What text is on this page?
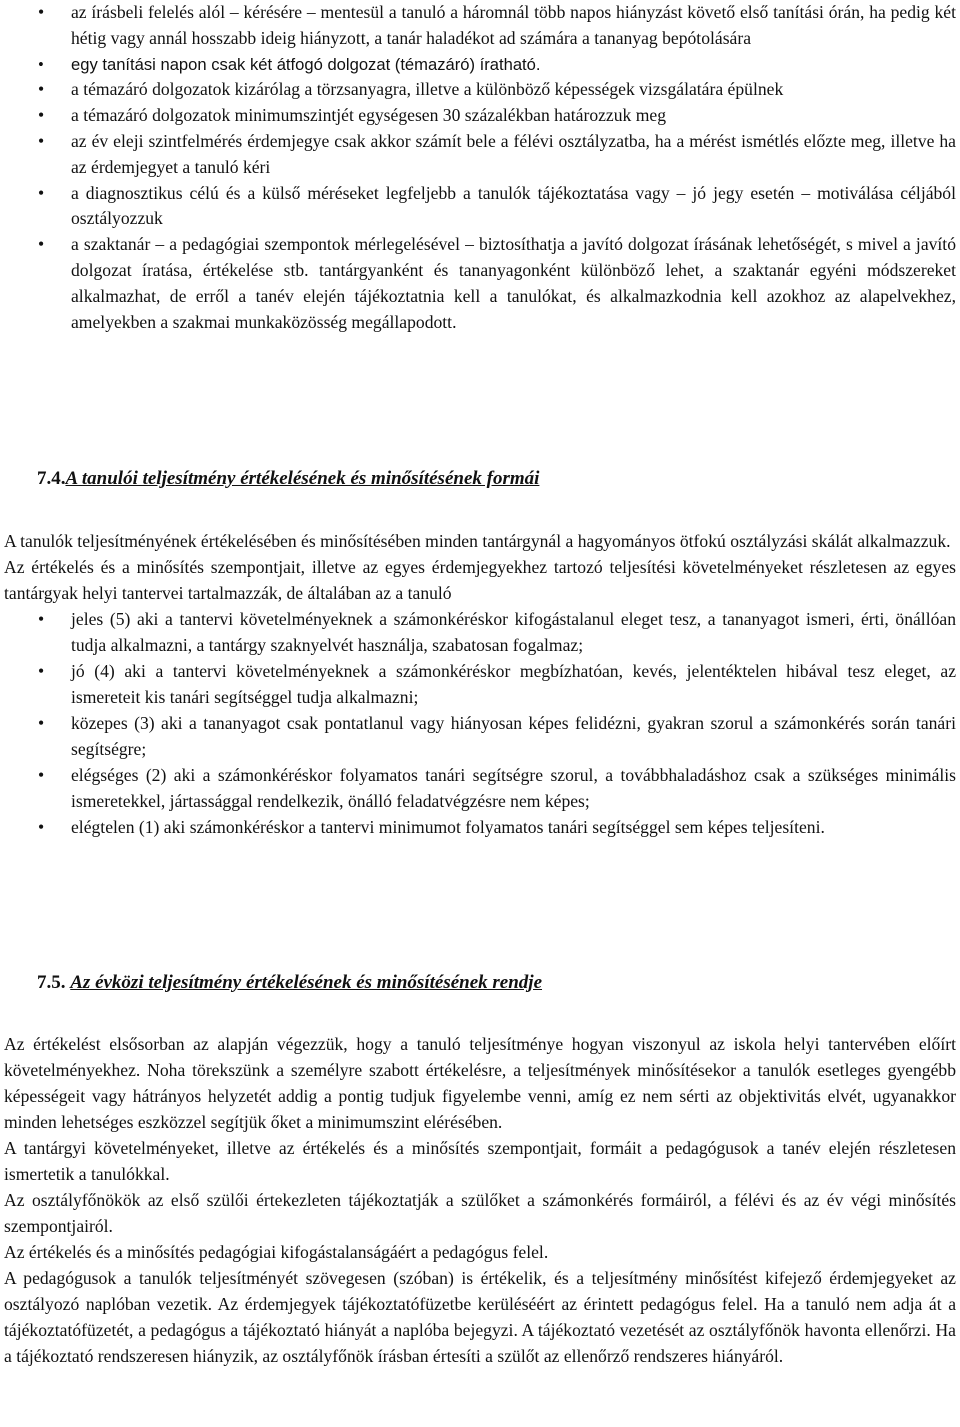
• az írásbeli felelés alól – kérésére – mentesül a tanuló a háromnál több napos hiányzást követő első tanítási órán, ha pedig két hétig vagy annál hosszabb ideig hiányzott, a tanár haladékot ad számára a tananyag bepótolására
• egy tanítási napon csak két átfogó dolgozat (témazáró) íratható.
• a témazáró dolgozatok kizárólag a törzsanyagra, illetve a különböző képességek vizsgálatára épülnek
• a témazáró dolgozatok minimumszintjét egységesen 30 százalékban határozzuk meg
• az év eleji szintfelmérés érdemjegye csak akkor számít bele a félévi osztályzatba, ha a mérést ismétlés előzte meg, illetve ha az érdemjegyet a tanuló kéri
• a diagnosztikus célú és a külső méréseket legfeljebb a tanulók tájékoztatása vagy – jó jegy esetén – motiválása céljából osztályozzuk
• a szaktanár – a pedagógiai szempontok mérlegelésével – biztosíthatja a javító dolgozat írásának lehetőségét, s mivel a javító dolgozat íratása, értékelése stb. tantárgyanként és tananyagonként különböző lehet, a szaktanár egyéni módszereket alkalmazhat, de erről a tanév elején tájékoztatnia kell a tanulókat, és alkalmazkodnia kell azokhoz az alapelvekhez, amelyekben a szakmai munkaközösség megállapodott.
7.4.A tanulói teljesítmény értékelésének és minősítésének formái

A tanulók teljesítményének értékelésében és minősítésében minden tantárgynál a hagyományos ötfokú osztályzási skálát alkalmazzuk.

Az értékelés és a minősítés szempontjait, illetve az egyes érdemjegyekhez tartozó teljesítési követelményeket részletesen az egyes tantárgyak helyi tantervei tartalmazzák, de általában az a tanuló

• jeles (5) aki a tantervi követelményeknek a számonkéréskor kifogástalanul eleget tesz, a tananyagot ismeri, érti, önállóan tudja alkalmazni, a tantárgy szaknyelvét használja, szabatosan fogalmaz;
• jó (4) aki a tantervi követelményeknek a számonkéréskor megbízhatóan, kevés, jelentéktelen hibával tesz eleget, az ismereteit kis tanári segítséggel tudja alkalmazni;
• közepes (3) aki a tananyagot csak pontatlanul vagy hiányosan képes felidézni, gyakran szorul a számonkérés során tanári segítségre;
• elégséges (2) aki a számonkéréskor folyamatos tanári segítségre szorul, a továbbhaladáshoz csak a szükséges minimális ismeretekkel, jártassággal rendelkezik, önálló feladatvégzésre nem képes;
• elégtelen (1) aki számonkéréskor a tantervi minimumot folyamatos tanári segítséggel sem képes teljesíteni.
7.5. Az évközi teljesítmény értékelésének és minősítésének rendje

Az értékelést elsősorban az alapján végezzük, hogy a tanuló teljesítménye hogyan viszonyul az iskola helyi tantervében előírt követelményekhez. Noha törekszünk a személyre szabott értékelésre, a teljesítmények minősítésekor a tanulók esetleges gyengébb képességeit vagy hátrányos helyzetét addig a pontig tudjuk figyelembe venni, amíg ez nem sérti az objektivitás elvét, ugyanakkor minden lehetséges eszközzel segítjük őket a minimumszint elérésében.

A tantárgyi követelményeket, illetve az értékelés és a minősítés szempontjait, formáit a pedagógusok a tanév elején részletesen ismertetik a tanulókkal.

Az osztályfőnökök az első szülői értekezleten tájékoztatják a szülőket a számonkérés formáiról, a félévi és az év végi minősítés szempontjairól.

Az értékelés és a minősítés pedagógiai kifogástalanságáért a pedagógus felel.

A pedagógusok a tanulók teljesítményét szövegesen (szóban) is értékelik, és a teljesítmény minősítést kifejező érdemjegyeket az osztályozó naplóban vezetik. Az érdemjegyek tájékoztatófüzetbe kerüléséért az érintett pedagógus felel. Ha a tanuló nem adja át a tájékoztatófüzetét, a pedagógus a tájékoztató hiányát a naplóba bejegyzi. A tájékoztató vezetését az osztályfőnök havonta ellenőrzi. Ha a tájékoztató rendszeresen hiányzik, az osztályfőnök írásban értesíti a szülőt az ellenőrző rendszeres hiányáról.
